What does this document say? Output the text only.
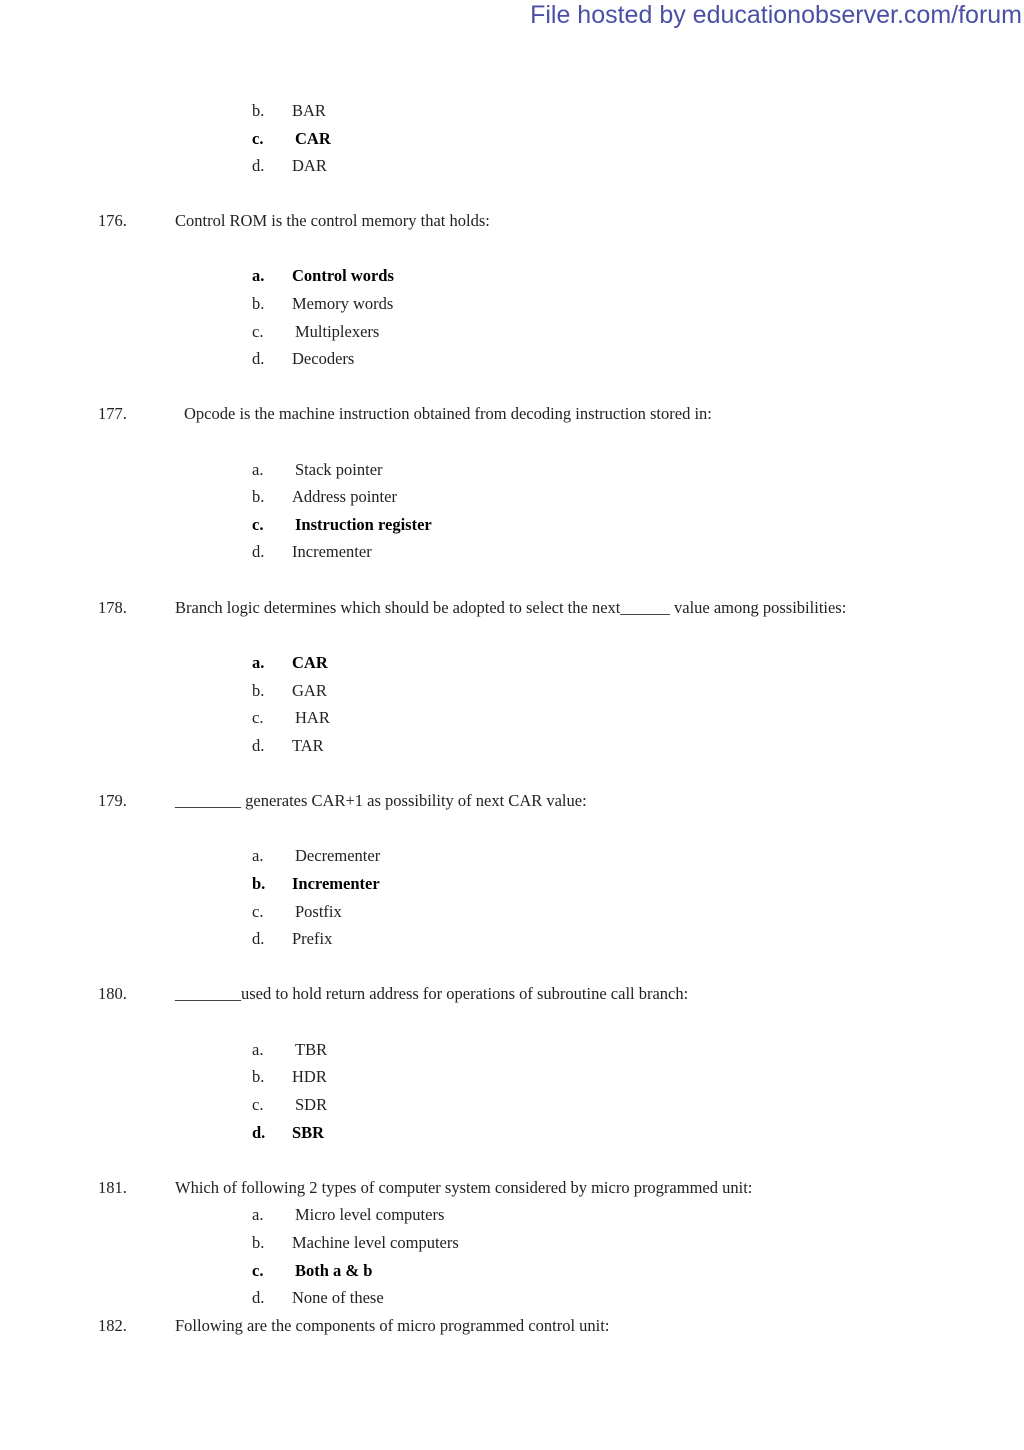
File hosted by educationobserver.com/forum
b. BAR
c. CAR
d. DAR
176.	Control ROM is the control memory that holds:
a. Control words
b. Memory words
c. Multiplexers
d. Decoders
177.	Opcode is the machine instruction obtained from decoding instruction stored in:
a. Stack pointer
b. Address pointer
c. Instruction register
d. Incrementer
178.	Branch logic determines which should be adopted to select the next______ value among possibilities:
a. CAR
b. GAR
c. HAR
d. TAR
179.	________ generates CAR+1 as possibility of next CAR value:
a. Decrementer
b. Incrementer
c. Postfix
d. Prefix
180.	________used to hold return address for operations of subroutine call branch:
a. TBR
b. HDR
c. SDR
d. SBR
181.	Which of following 2 types of computer system considered by micro programmed unit:
a. Micro level computers
b. Machine level computers
c. Both a & b
d. None of these
182.	Following are the components of micro programmed control unit:
